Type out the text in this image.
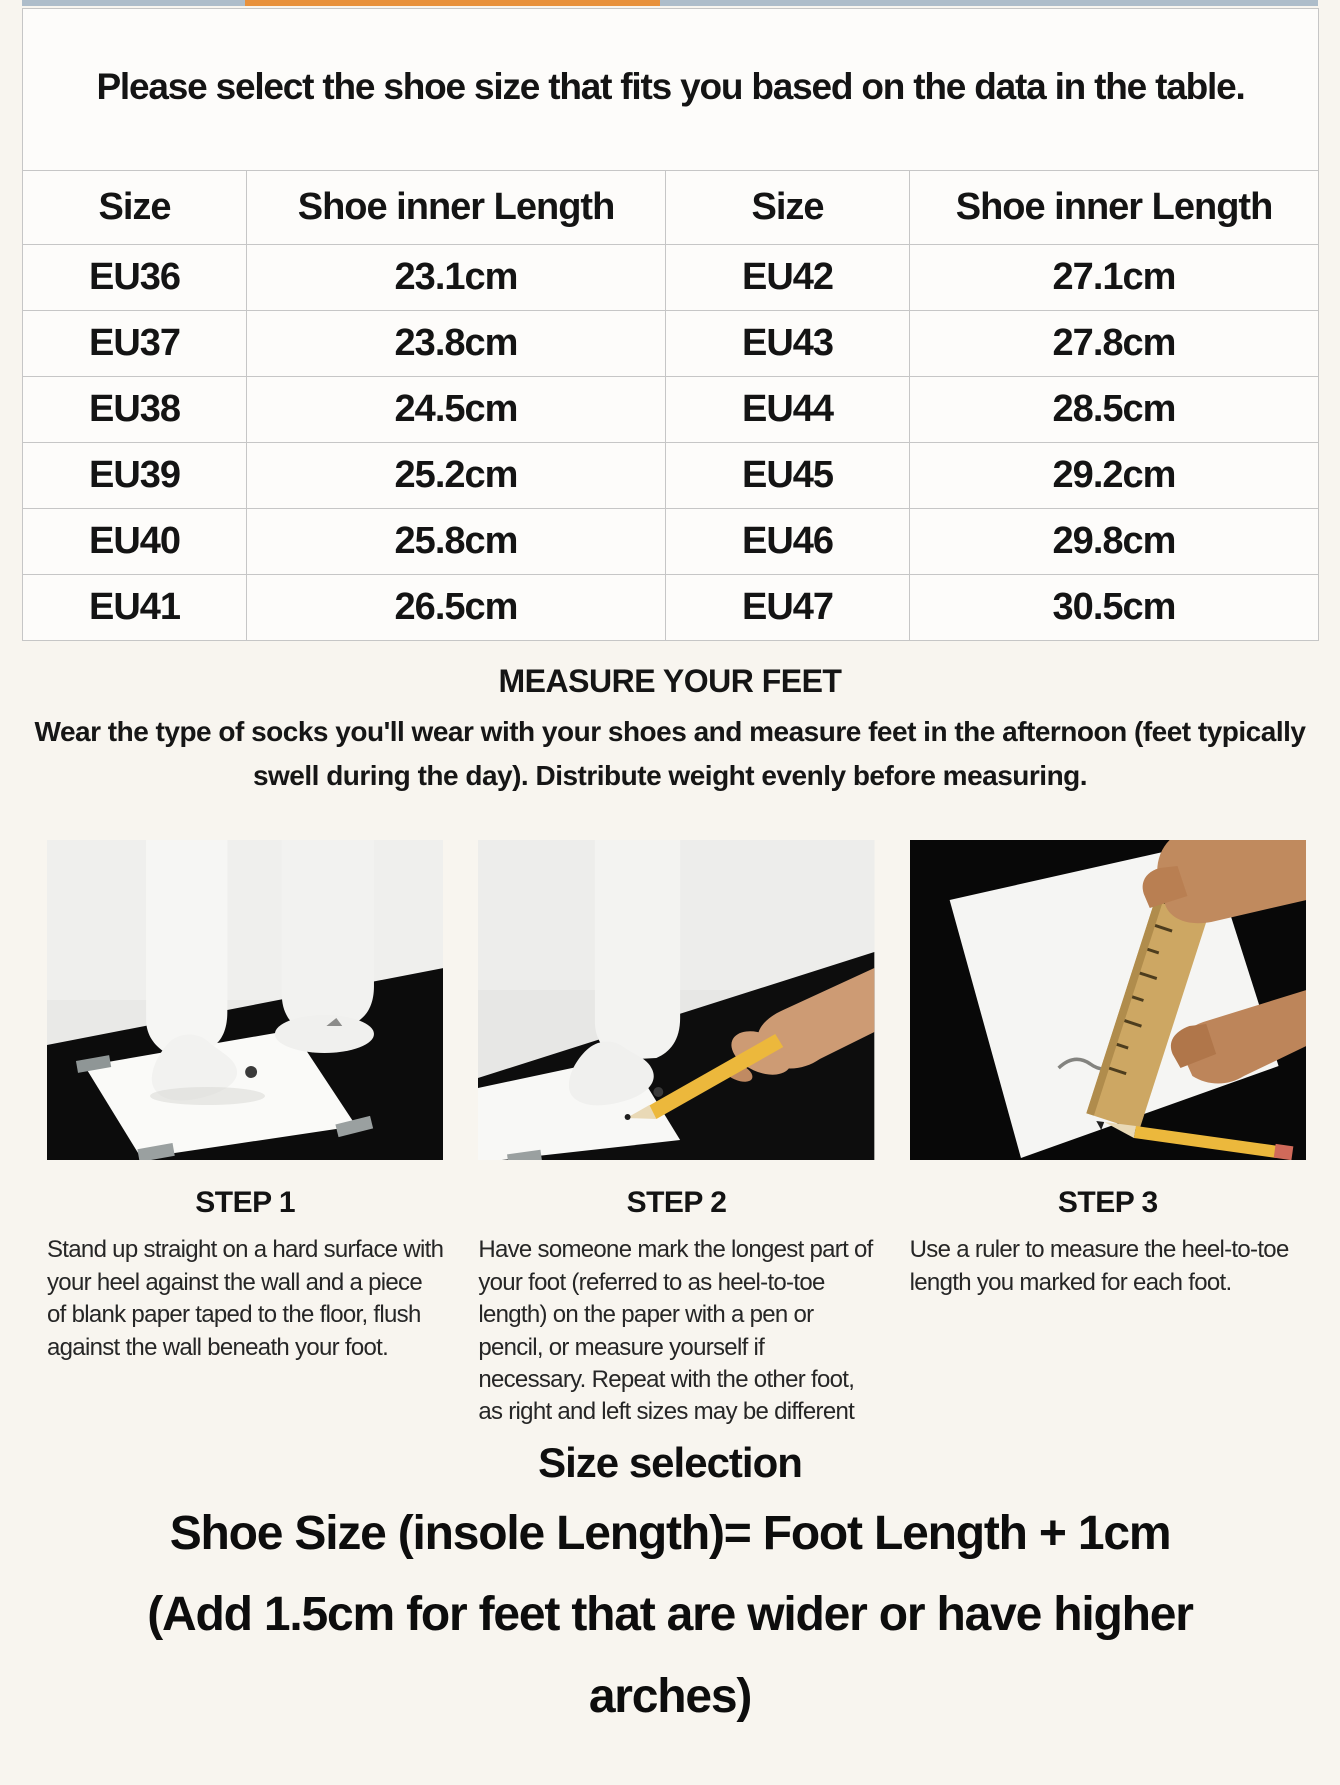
Please select the shoe size that fits you based on the data in the table.			
Size	Shoe inner Length	Size	Shoe inner Length
EU36	23.1cm	EU42	27.1cm
EU37	23.8cm	EU43	27.8cm
EU38	24.5cm	EU44	28.5cm
EU39	25.2cm	EU45	29.2cm
EU40	25.8cm	EU46	29.8cm
EU41	26.5cm	EU47	30.5cm
MEASURE YOUR FEET
Wear the type of socks you'll wear with your shoes and measure feet in the afternoon (feet typically swell during the day). Distribute weight evenly before measuring.
STEP 1
Stand up straight on a hard surface with your heel against the wall and a piece of blank paper taped to the floor, flush against the wall beneath your foot.
STEP 2
Have someone mark the longest part of your foot (referred to as heel-to-toe length) on the paper with a pen or pencil, or measure yourself if necessary. Repeat with the other foot, as right and left sizes may be different
STEP 3
Use a ruler to measure the heel-to-toe length you marked for each foot.
Size selection
Shoe Size (insole Length)= Foot Length + 1cm
(Add 1.5cm for feet that are wider or have higher arches)
